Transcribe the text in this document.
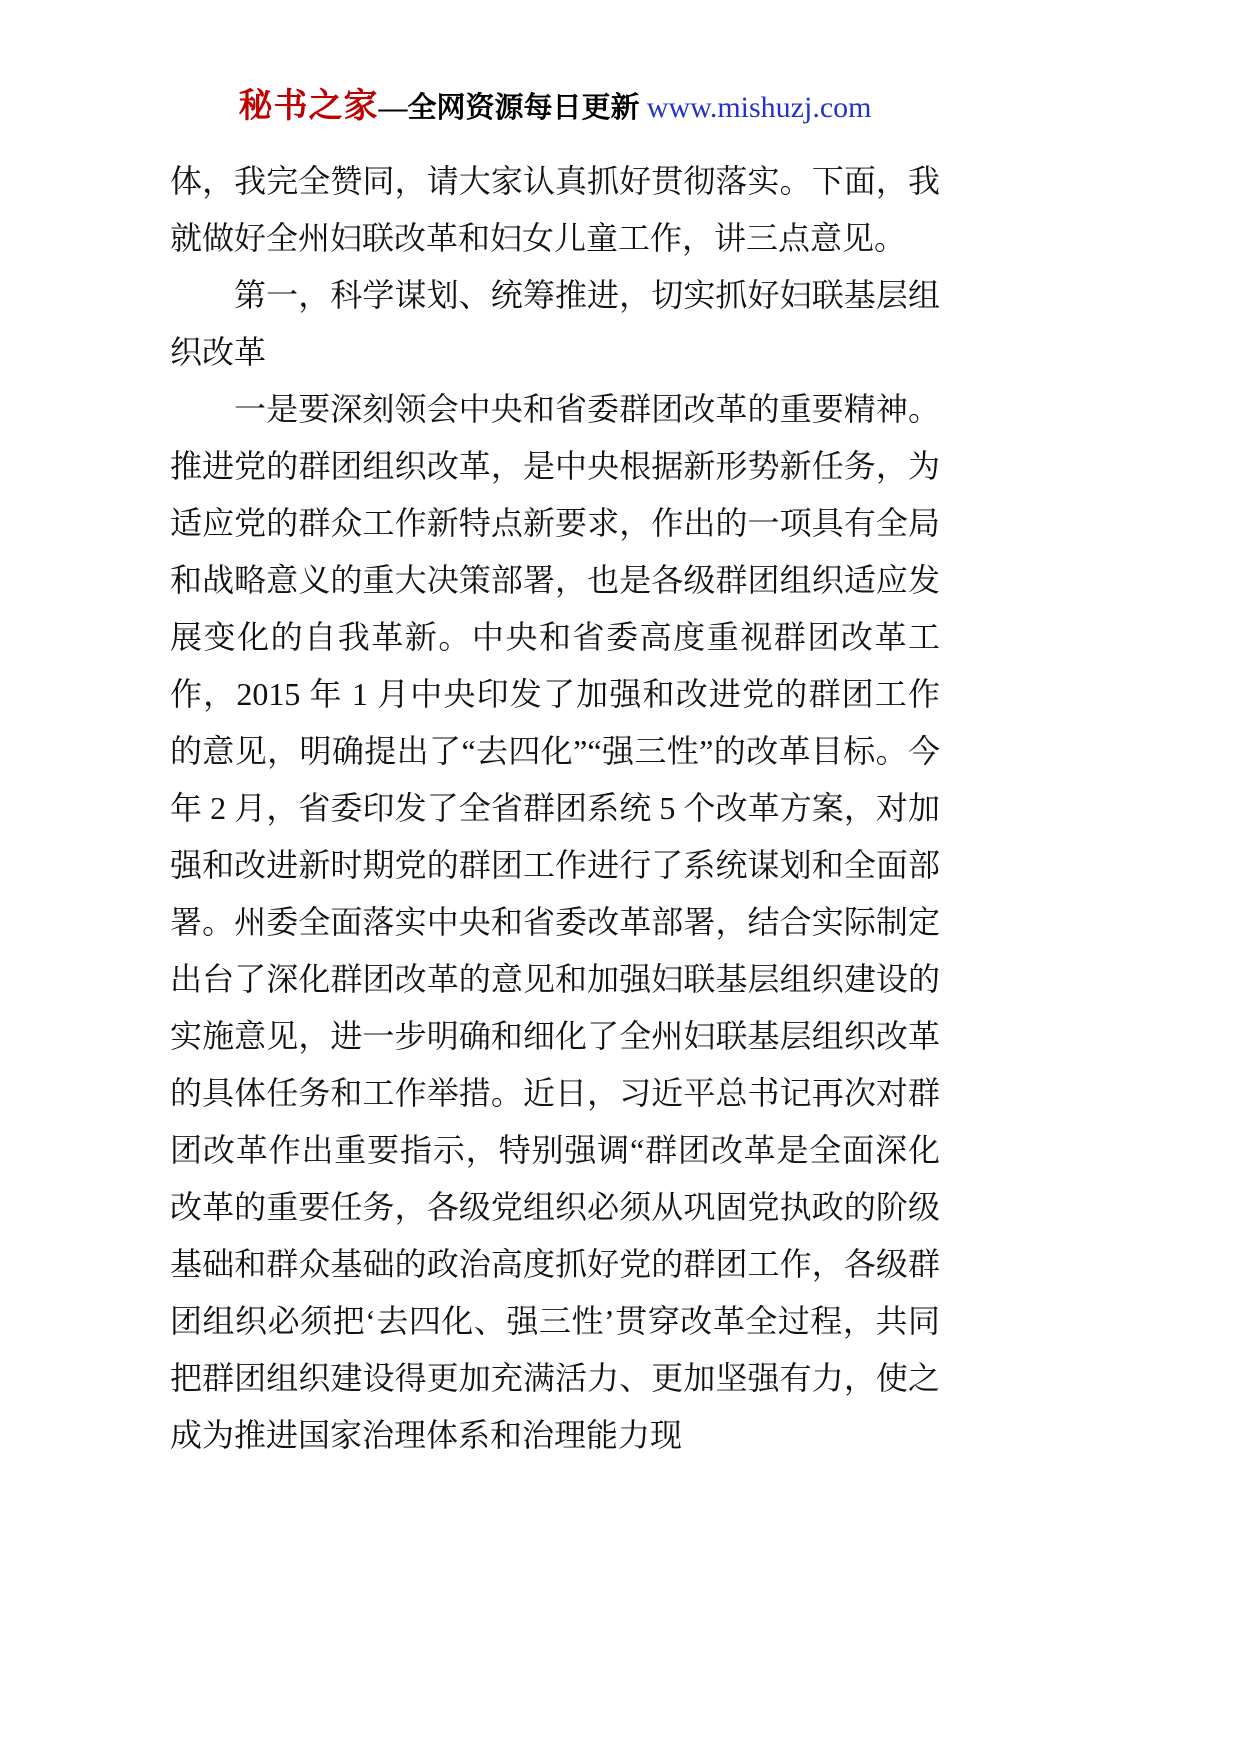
秘书之家—全网资源每日更新 www.mishuzj.com

体，我完全赞同，请大家认真抓好贯彻落实。下面，我就做好全州妇联改革和妇女儿童工作，讲三点意见。

第一，科学谋划、统筹推进，切实抓好妇联基层组织改革

一是要深刻领会中央和省委群团改革的重要精神。推进党的群团组织改革，是中央根据新形势新任务，为适应党的群众工作新特点新要求，作出的一项具有全局和战略意义的重大决策部署，也是各级群团组织适应发展变化的自我革新。中央和省委高度重视群团改革工作，2015 年 1 月中央印发了加强和改进党的群团工作的意见，明确提出了“去四化”“强三性”的改革目标。今年 2 月，省委印发了全省群团系统 5 个改革方案，对加强和改进新时期党的群团工作进行了系统谋划和全面部署。州委全面落实中央和省委改革部署，结合实际制定出台了深化群团改革的意见和加强妇联基层组织建设的实施意见，进一步明确和细化了全州妇联基层组织改革的具体任务和工作举措。近日，习近平总书记再次对群团改革作出重要指示，特别强调“群团改革是全面深化改革的重要任务，各级党组织必须从巩固党执政的阶级基础和群众基础的政治高度抓好党的群团工作，各级群团组织必须把‘去四化、强三性’贯穿改革全过程，共同把群团组织建设得更加充满活力、更加坚强有力，使之成为推进国家治理体系和治理能力现
